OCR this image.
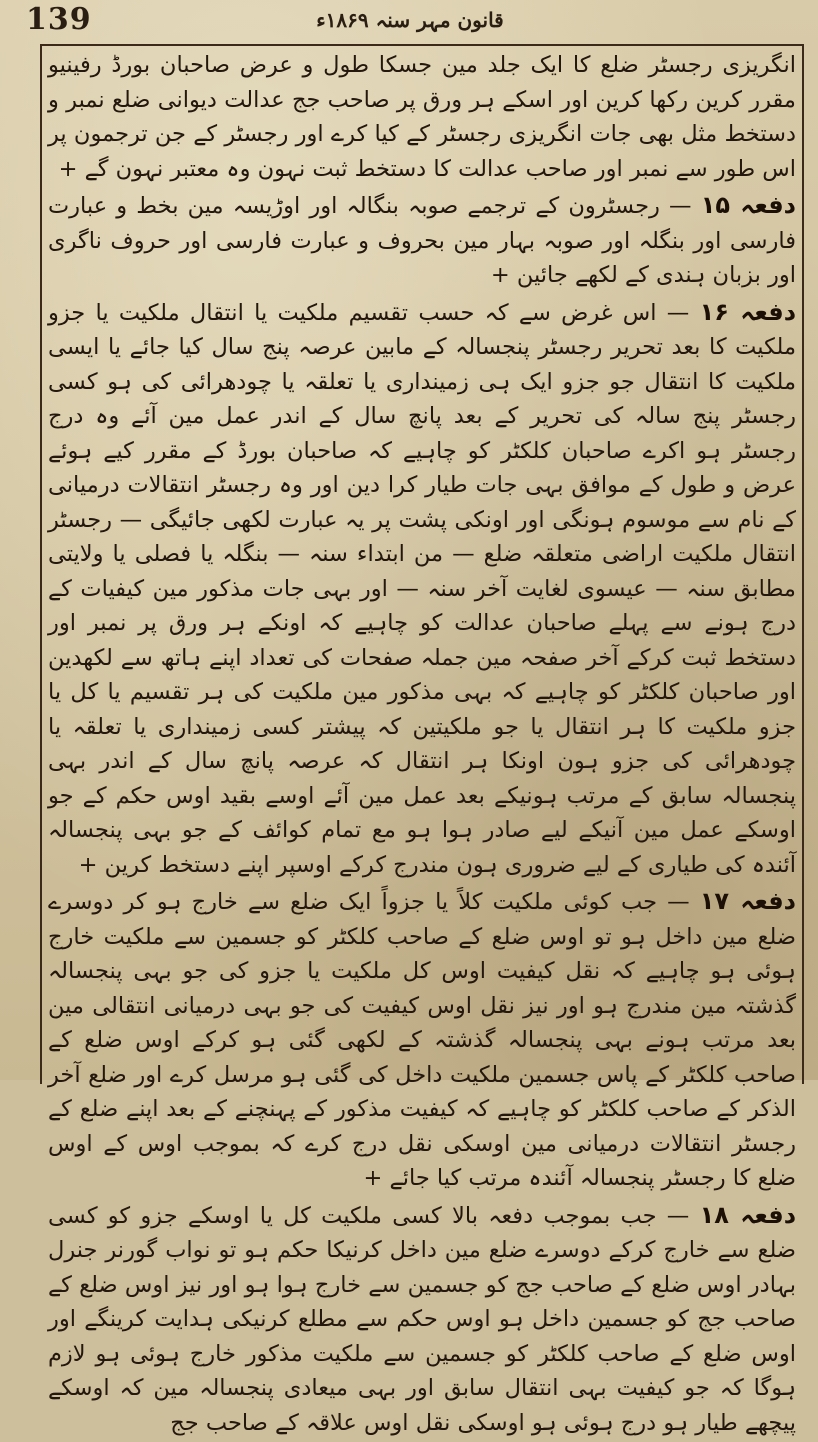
139	قانون مہر سنہ ۱۸۶۹ء

انگریزی رجسٹر ضلع کا ایک جلد مین جسکا طول و عرض صاحبان بورڈ رفینیو مقرر کرین رکھا کرین اور اسکے ہر ورق پر صاحب جج عدالت دیوانی ضلع نمبر و دستخط مثل بھی جات انگریزی رجسٹر کے کیا کرے اور رجسٹر کے جن ترجمون پر اس طور سے نمبر اور صاحب عدالت کا دستخط ثبت نہون وہ معتبر نہون گے +

دفعہ ۱۵ — رجسٹرون کے ترجمے صوبہ بنگالہ اور اوڑیسہ مین بخط و عبارت فارسی اور بنگلہ اور صوبہ بہار مین بحروف و عبارت فارسی اور حروف ناگری اور بزبان ہندی کے لکھے جائین +

دفعہ ۱۶ — اس غرض سے کہ حسب تقسیم ملکیت یا انتقال ملکیت یا جزو ملکیت کا بعد تحریر رجسٹر پنجسالہ کے مابین عرصہ پنج سال کیا جائے یا ایسی ملکیت کا انتقال جو جزو ایک ہی زمینداری یا تعلقہ یا چودھرائی کی ہو کسی رجسٹر پنج سالہ کی تحریر کے بعد پانچ سال کے اندر عمل مین آئے وہ درج رجسٹر ہو اکرے صاحبان کلکٹر کو چاہیے کہ صاحبان بورڈ کے مقرر کیے ہوئے عرض و طول کے موافق بہی جات طیار کرا دین اور وہ رجسٹر انتقالات درمیانی کے نام سے موسوم ہونگی اور اونکی پشت پر یہ عبارت لکھی جائیگی — رجسٹر انتقال ملکیت اراضی متعلقہ ضلع — من ابتداء سنہ — بنگلہ یا فصلی یا ولایتی مطابق سنہ — عیسوی لغایت آخر سنہ — اور بہی جات مذکور مین کیفیات کے درج ہونے سے پہلے صاحبان عدالت کو چاہیے کہ اونکے ہر ورق پر نمبر اور دستخط ثبت کرکے آخر صفحہ مین جملہ صفحات کی تعداد اپنے ہاتھ سے لکھدین اور صاحبان کلکٹر کو چاہیے کہ بہی مذکور مین ملکیت کی ہر تقسیم یا کل یا جزو ملکیت کا ہر انتقال یا جو ملکیتین کہ پیشتر کسی زمینداری یا تعلقہ یا چودھرائی کی جزو ہون اونکا ہر انتقال کہ عرصہ پانچ سال کے اندر بہی پنجسالہ سابق کے مرتب ہونیکے بعد عمل مین آئے اوسے بقید اوس حکم کے جو اوسکے عمل مین آنیکے لیے صادر ہوا ہو مع تمام کوائف کے جو بہی پنجسالہ آئندہ کی طیاری کے لیے ضروری ہون مندرج کرکے اوسپر اپنے دستخط کرین +

دفعہ ۱۷ — جب کوئی ملکیت کلاً یا جزواً ایک ضلع سے خارج ہو کر دوسرے ضلع مین داخل ہو تو اوس ضلع کے صاحب کلکٹر کو جسمین سے ملکیت خارج ہوئی ہو چاہیے کہ نقل کیفیت اوس کل ملکیت یا جزو کی جو بہی پنجسالہ گذشتہ مین مندرج ہو اور نیز نقل اوس کیفیت کی جو بہی درمیانی انتقالی مین بعد مرتب ہونے بہی پنجسالہ گذشتہ کے لکھی گئی ہو کرکے اوس ضلع کے صاحب کلکٹر کے پاس جسمین ملکیت داخل کی گئی ہو مرسل کرے اور ضلع آخر الذکر کے صاحب کلکٹر کو چاہیے کہ کیفیت مذکور کے پہنچنے کے بعد اپنے ضلع کے رجسٹر انتقالات درمیانی مین اوسکی نقل درج کرے کہ بموجب اوس کے اوس ضلع کا رجسٹر پنجسالہ آئندہ مرتب کیا جائے +

دفعہ ۱۸ — جب بموجب دفعہ بالا کسی ملکیت کل یا اوسکے جزو کو کسی ضلع سے خارج کرکے دوسرے ضلع مین داخل کرنیکا حکم ہو تو نواب گورنر جنرل بہادر اوس ضلع کے صاحب جج کو جسمین سے خارج ہوا ہو اور نیز اوس ضلع کے صاحب جج کو جسمین داخل ہو اوس حکم سے مطلع کرنیکی ہدایت کرینگے اور اوس ضلع کے صاحب کلکٹر کو جسمین سے ملکیت مذکور خارج ہوئی ہو لازم ہوگا کہ جو کیفیت بہی انتقال سابق اور بہی میعادی پنجسالہ مین کہ اوسکے پیچھے طیار ہو درج ہوئی ہو اوسکی نقل اوس علاقہ کے صاحب جج
